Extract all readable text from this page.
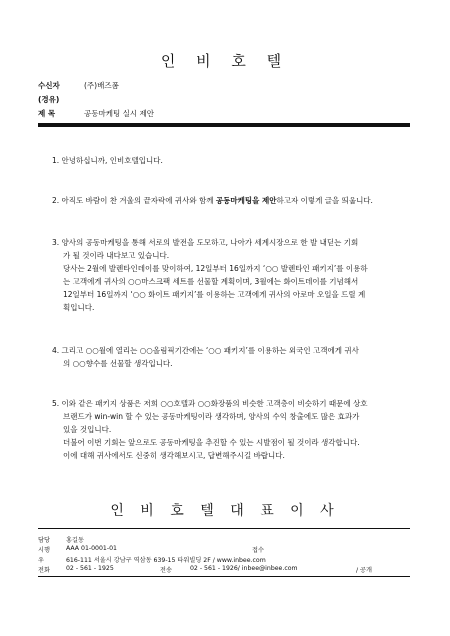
인 비 호 텔
수신자	(주)배즈폼
(경유)
제 목	공동마케팅 실시 제안
1. 안녕하십니까, 인비호텔입니다.
2. 아직도 바람이 찬 겨울의 끝자락에 귀사와 함께 공동마케팅을 제안하고자 이렇게 글을 띄웁니다.
3. 양사의 공동마케팅을 통해 서로의 발전을 도모하고, 나아가 세계시장으로 한 발 내딛는 기회
가 될 것이라 내다보고 있습니다.
당사는 2월에 발렌타인데이를 맞이하여, 12일부터 16일까지 ‘○○ 발렌타인 패키지’를 이용하
는 고객에게 귀사의 ○○마스크팩 세트를 선물할 계획이며, 3월에는 화이트데이를 기념해서
12일부터 16일까지 ‘○○ 화이트 패키지’를 이용하는 고객에게 귀사의 아로마 오일을 드릴 계
획입니다.
4. 그리고 ○○월에 열리는 ○○올림픽기간에는 ‘○○ 패키지’를 이용하는 외국인 고객에게 귀사
의 ○○향수를 선물할 생각입니다.
5. 이와 같은 패키지 상품은 저희 ○○호텔과 ○○화장품의 비슷한 고객층이 비슷하기 때문에 상호
브랜드가 win-win 할 수 있는 공동마케팅이라 생각하며, 양사의 수익 창출에도 많은 효과가
있을 것입니다.
더불어 이번 기회는 앞으로도 공동마케팅을 추진할 수 있는 시발점이 될 것이라 생각합니다.
이에 대해 귀사에서도 신중히 생각해보시고, 답변해주시길 바랍니다.
인 비 호 텔 대 표 이 사
담당	홍길동
시행	AAA 01-0001-01	접수
우	616-111 서울시 강남구 역삼동 639-15 타워빌딩 2F / www.inbee.com
전화	02 - 561 - 1925	전송	02 - 561 - 1926/ inbee@inbee.com	/ 공개
